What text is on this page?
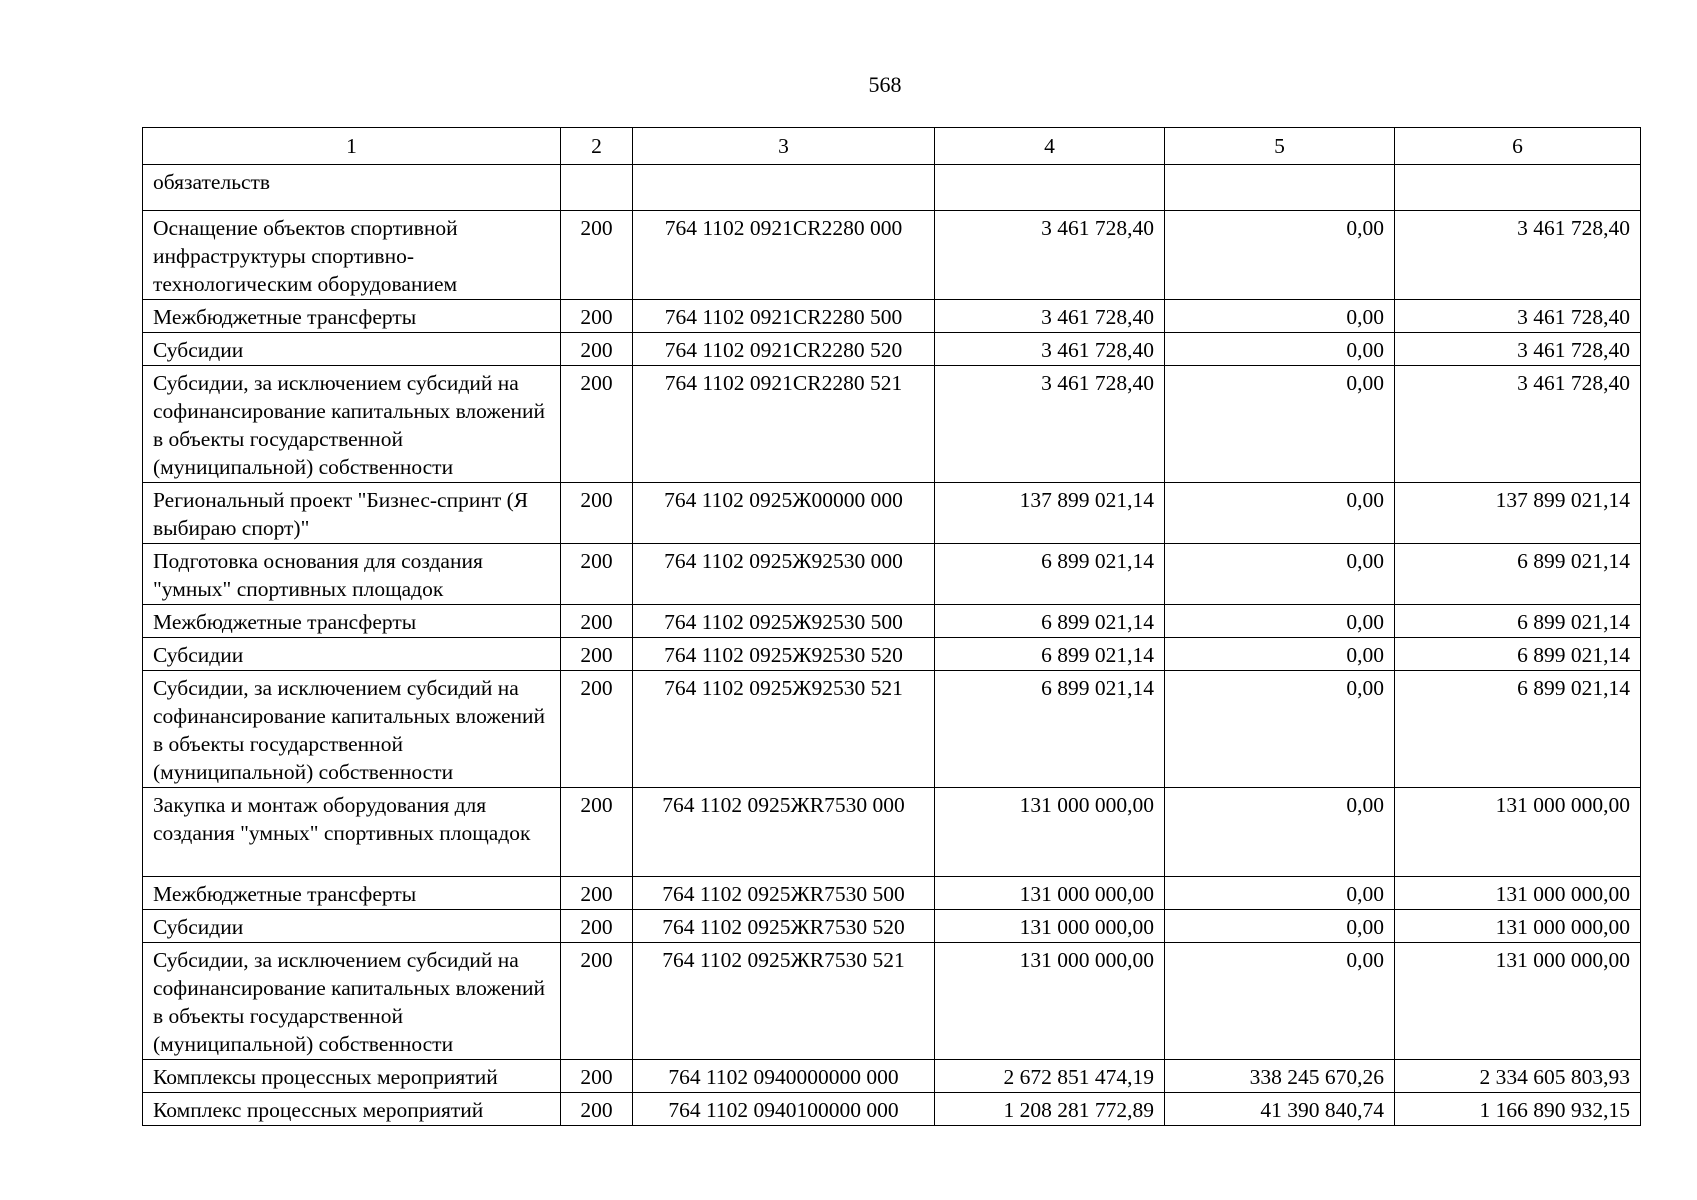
568
1	2	3	4	5	6
обязательств					
Оснащение объектов спортивной инфраструктуры спортивно-технологическим оборудованием	200	764 1102 0921CR2280 000	3 461 728,40	0,00	3 461 728,40
Межбюджетные трансферты	200	764 1102 0921CR2280 500	3 461 728,40	0,00	3 461 728,40
Субсидии	200	764 1102 0921CR2280 520	3 461 728,40	0,00	3 461 728,40
Субсидии, за исключением субсидий на софинансирование капитальных вложений в объекты государственной (муниципальной) собственности	200	764 1102 0921CR2280 521	3 461 728,40	0,00	3 461 728,40
Региональный проект "Бизнес-спринт (Я выбираю спорт)"	200	764 1102 0925Ж00000 000	137 899 021,14	0,00	137 899 021,14
Подготовка основания для создания "умных" спортивных площадок	200	764 1102 0925Ж92530 000	6 899 021,14	0,00	6 899 021,14
Межбюджетные трансферты	200	764 1102 0925Ж92530 500	6 899 021,14	0,00	6 899 021,14
Субсидии	200	764 1102 0925Ж92530 520	6 899 021,14	0,00	6 899 021,14
Субсидии, за исключением субсидий на софинансирование капитальных вложений в объекты государственной (муниципальной) собственности	200	764 1102 0925Ж92530 521	6 899 021,14	0,00	6 899 021,14
Закупка и монтаж оборудования для создания "умных" спортивных площадок	200	764 1102 0925ЖR7530 000	131 000 000,00	0,00	131 000 000,00
Межбюджетные трансферты	200	764 1102 0925ЖR7530 500	131 000 000,00	0,00	131 000 000,00
Субсидии	200	764 1102 0925ЖR7530 520	131 000 000,00	0,00	131 000 000,00
Субсидии, за исключением субсидий на софинансирование капитальных вложений в объекты государственной (муниципальной) собственности	200	764 1102 0925ЖR7530 521	131 000 000,00	0,00	131 000 000,00
Комплексы процессных мероприятий	200	764 1102 0940000000 000	2 672 851 474,19	338 245 670,26	2 334 605 803,93
Комплекс процессных мероприятий	200	764 1102 0940100000 000	1 208 281 772,89	41 390 840,74	1 166 890 932,15
